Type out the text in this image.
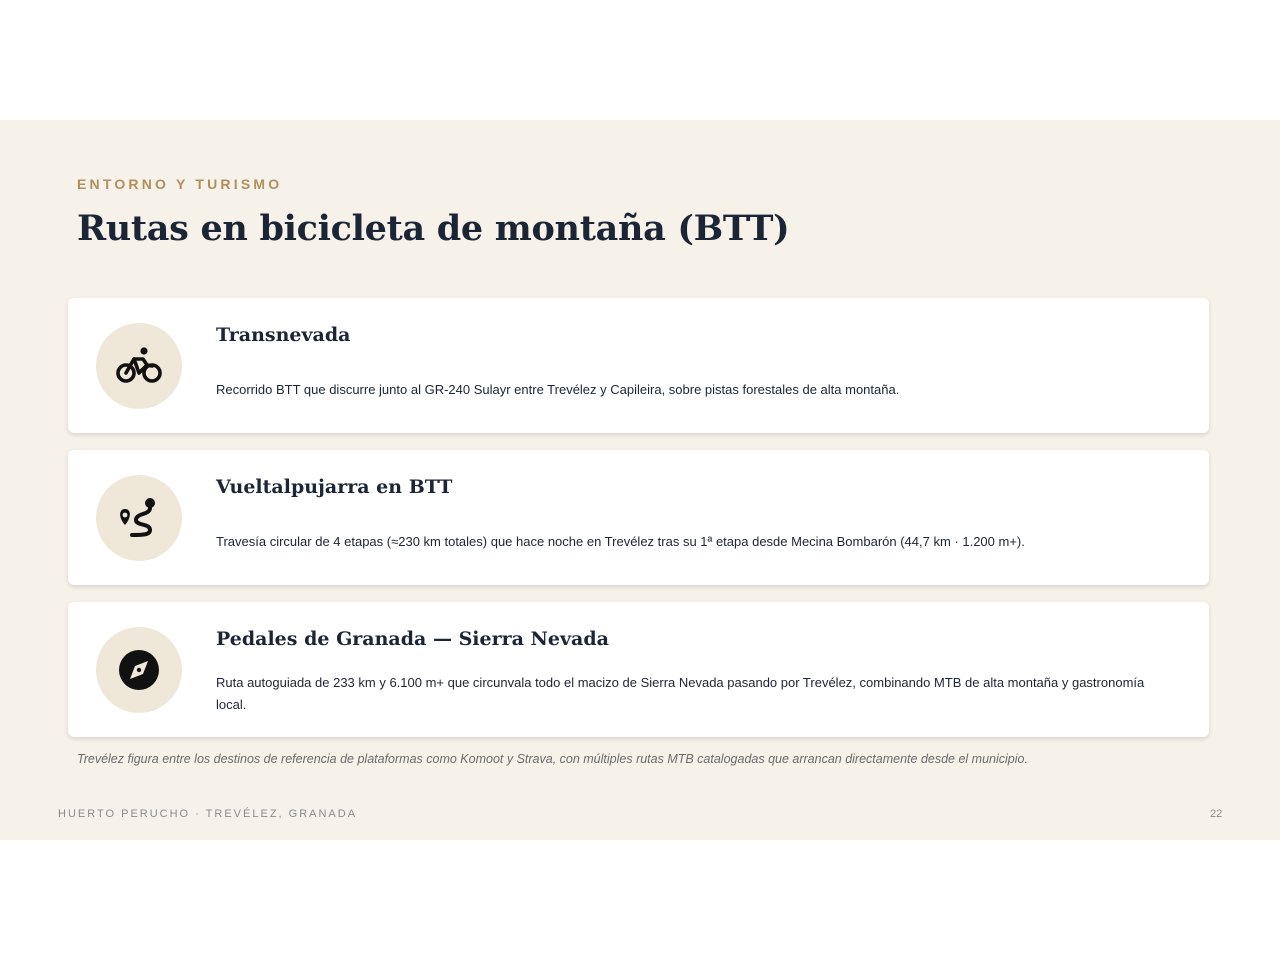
ENTORNO Y TURISMO
Rutas en bicicleta de montaña (BTT)
Transnevada
Recorrido BTT que discurre junto al GR-240 Sulayr entre Trevélez y Capileira, sobre pistas forestales de alta montaña.
Vueltalpujarra en BTT
Travesía circular de 4 etapas (≈230 km totales) que hace noche en Trevélez tras su 1ª etapa desde Mecina Bombarón (44,7 km · 1.200 m+).
Pedales de Granada — Sierra Nevada
Ruta autoguiada de 233 km y 6.100 m+ que circunvala todo el macizo de Sierra Nevada pasando por Trevélez, combinando MTB de alta montaña y gastronomía local.
Trevélez figura entre los destinos de referencia de plataformas como Komoot y Strava, con múltiples rutas MTB catalogadas que arrancan directamente desde el municipio.
HUERTO PERUCHO · TREVÉLEZ, GRANADA	22
